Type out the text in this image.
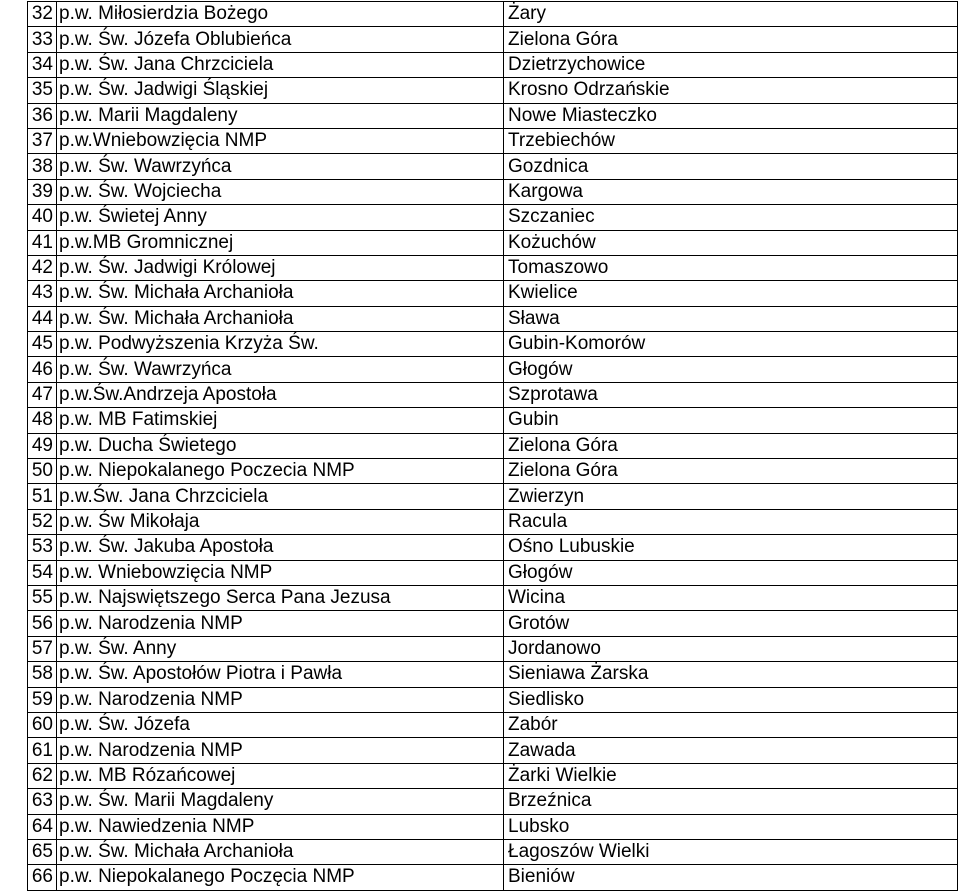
32	p.w. Miłosierdzia Bożego	Żary
33	p.w. Św. Józefa Oblubieńca	Zielona Góra
34	p.w. Św. Jana Chrzciciela	Dzietrzychowice
35	p.w. Św. Jadwigi Śląskiej	Krosno Odrzańskie
36	p.w. Marii Magdaleny	Nowe Miasteczko
37	p.w.Wniebowzięcia NMP	Trzebiechów
38	p.w. Św. Wawrzyńca	Gozdnica
39	p.w. Św. Wojciecha	Kargowa
40	p.w. Świetej Anny	Szczaniec
41	p.w.MB Gromnicznej	Kożuchów
42	p.w. Św. Jadwigi Królowej	Tomaszowo
43	p.w. Św. Michała Archanioła	Kwielice
44	p.w. Św. Michała Archanioła	Sława
45	p.w. Podwyższenia Krzyża Św.	Gubin-Komorów
46	p.w. Św. Wawrzyńca	Głogów
47	p.w.Św.Andrzeja Apostoła	Szprotawa
48	p.w. MB Fatimskiej	Gubin
49	p.w. Ducha Świetego	Zielona Góra
50	p.w. Niepokalanego Poczecia NMP	Zielona Góra
51	p.w.Św. Jana Chrzciciela	Zwierzyn
52	p.w. Św Mikołaja	Racula
53	p.w. Św. Jakuba Apostoła	Ośno Lubuskie
54	p.w. Wniebowzięcia NMP	Głogów
55	p.w. Najswiętszego Serca Pana Jezusa	Wicina
56	p.w. Narodzenia NMP	Grotów
57	p.w. Św. Anny	Jordanowo
58	p.w. Św. Apostołów Piotra i Pawła	Sieniawa Żarska
59	p.w. Narodzenia NMP	Siedlisko
60	p.w. Św. Józefa	Zabór
61	p.w. Narodzenia NMP	Zawada
62	p.w. MB Rózańcowej	Żarki Wielkie
63	p.w. Św. Marii Magdaleny	Brzeźnica
64	p.w. Nawiedzenia NMP	Lubsko
65	p.w. Św. Michała Archanioła	Łagoszów Wielki
66	p.w. Niepokalanego Poczęcia NMP	Bieniów
